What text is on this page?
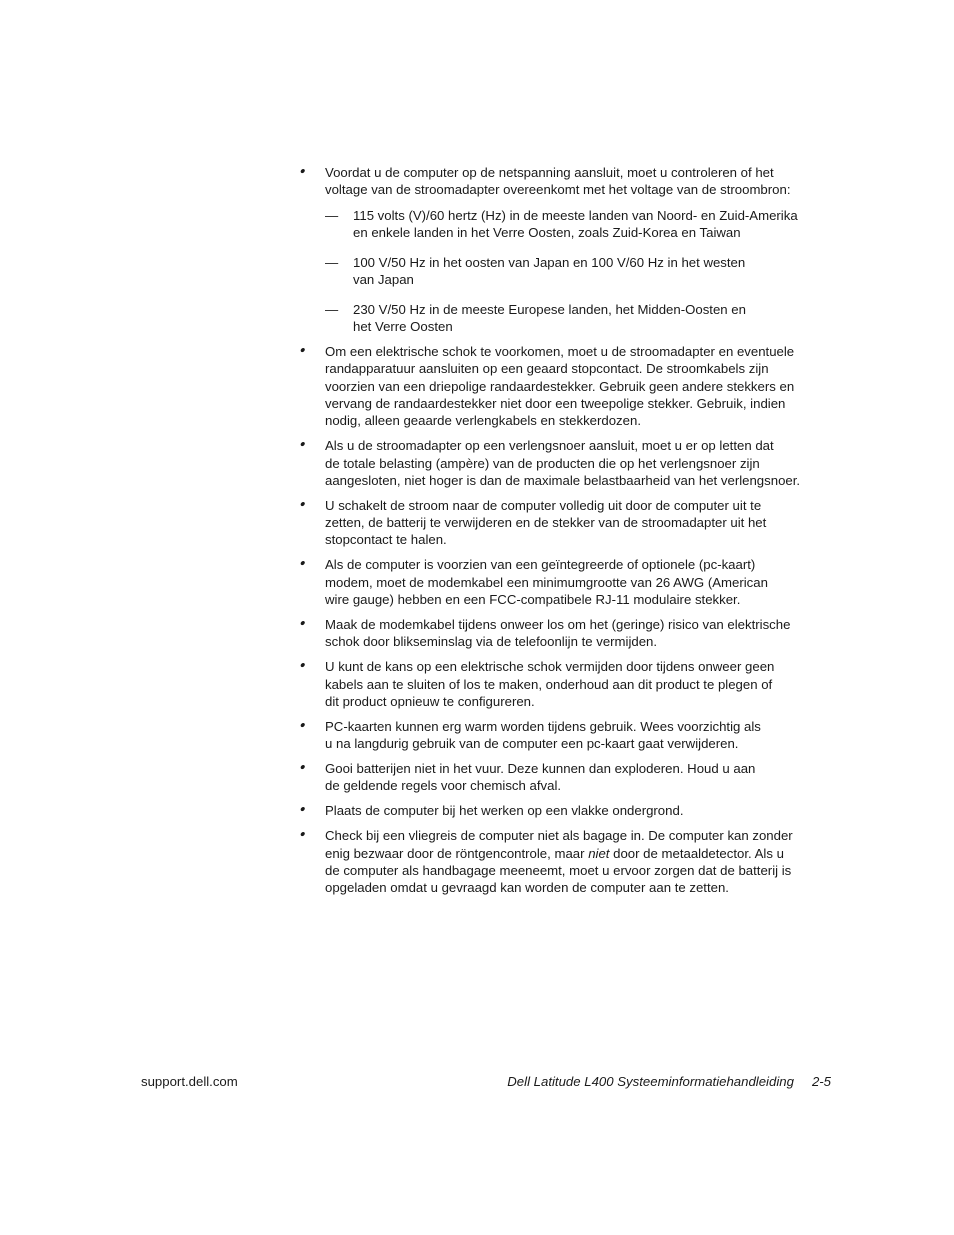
• Voordat u de computer op de netspanning aansluit, moet u controleren of het
voltage van de stroomadapter overeenkomt met het voltage van de stroombron:
— 115 volts (V)/60 hertz (Hz) in de meeste landen van Noord- en Zuid-Amerika
en enkele landen in het Verre Oosten, zoals Zuid-Korea en Taiwan
— 100 V/50 Hz in het oosten van Japan en 100 V/60 Hz in het westen
van Japan
— 230 V/50 Hz in de meeste Europese landen, het Midden-Oosten en
het Verre Oosten
• Om een elektrische schok te voorkomen, moet u de stroomadapter en eventuele
randapparatuur aansluiten op een geaard stopcontact. De stroomkabels zijn
voorzien van een driepolige randaardestekker. Gebruik geen andere stekkers en
vervang de randaardestekker niet door een tweepolige stekker. Gebruik, indien
nodig, alleen geaarde verlengkabels en stekkerdozen.
• Als u de stroomadapter op een verlengsnoer aansluit, moet u er op letten dat
de totale belasting (ampère) van de producten die op het verlengsnoer zijn
aangesloten, niet hoger is dan de maximale belastbaarheid van het verlengsnoer.
• U schakelt de stroom naar de computer volledig uit door de computer uit te
zetten, de batterij te verwijderen en de stekker van de stroomadapter uit het
stopcontact te halen.
• Als de computer is voorzien van een geïntegreerde of optionele (pc-kaart)
modem, moet de modemkabel een minimumgrootte van 26 AWG (American
wire gauge) hebben en een FCC-compatibele RJ-11 modulaire stekker.
• Maak de modemkabel tijdens onweer los om het (geringe) risico van elektrische
schok door blikseminslag via de telefoonlijn te vermijden.
• U kunt de kans op een elektrische schok vermijden door tijdens onweer geen
kabels aan te sluiten of los te maken, onderhoud aan dit product te plegen of
dit product opnieuw te configureren.
• PC-kaarten kunnen erg warm worden tijdens gebruik. Wees voorzichtig als
u na langdurig gebruik van de computer een pc-kaart gaat verwijderen.
• Gooi batterijen niet in het vuur. Deze kunnen dan exploderen. Houd u aan
de geldende regels voor chemisch afval.
• Plaats de computer bij het werken op een vlakke ondergrond.
• Check bij een vliegreis de computer niet als bagage in. De computer kan zonder
enig bezwaar door de röntgencontrole, maar niet door de metaaldetector. Als u
de computer als handbagage meeneemt, moet u ervoor zorgen dat de batterij is
opgeladen omdat u gevraagd kan worden de computer aan te zetten.
support.dell.com	Dell Latitude L400 Systeeminformatiehandleiding 2-5
